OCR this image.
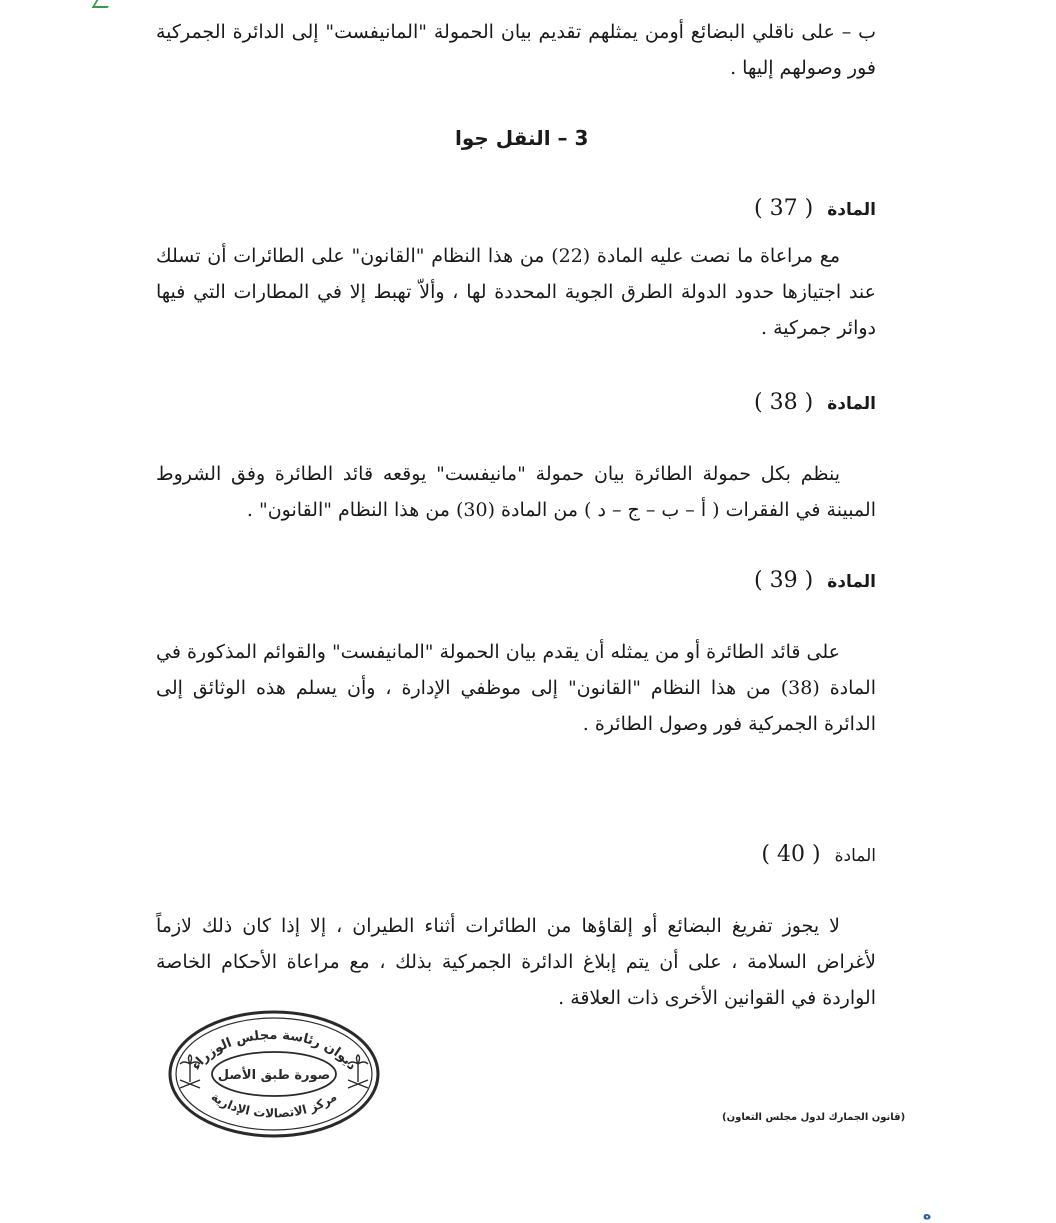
ب – على ناقلي البضائع أومن يمثلهم تقديم بيان الحمولة "المانيفست" إلى الدائرة الجمركية فور وصولهم إليها .

3 – النقل جوا
المادة ( 37 )

مع مراعاة ما نصت عليه المادة (22) من هذا النظام "القانون" على الطائرات أن تسلك عند اجتيازها حدود الدولة الطرق الجوية المحددة لها ، وألاّ تهبط إلا في المطارات التي فيها دوائر جمركية .

المادة ( 38 )

ينظم بكل حمولة الطائرة بيان حمولة "مانيفست" يوقعه قائد الطائرة وفق الشروط المبينة في الفقرات ( أ – ب – ج – د ) من المادة (30) من هذا النظام "القانون" .

المادة ( 39 )

على قائد الطائرة أو من يمثله أن يقدم بيان الحمولة "المانيفست" والقوائم المذكورة في المادة (38) من هذا النظام "القانون" إلى موظفي الإدارة ، وأن يسلم هذه الوثائق إلى الدائرة الجمركية فور وصول الطائرة .

المادة ( 40 )

لا يجوز تفريغ البضائع أو إلقاؤها من الطائرات أثناء الطيران ، إلا إذا كان ذلك لازماً لأغراض السلامة ، على أن يتم إبلاغ الدائرة الجمركية بذلك ، مع مراعاة الأحكام الخاصة الواردة في القوانين الأخرى ذات العلاقة .

ديوان رئاسة مجلس الوزراء
مركز الاتصالات الإدارية
صورة طبق الأصل
(قانون الجمارك لدول مجلس التعاون)
ه
